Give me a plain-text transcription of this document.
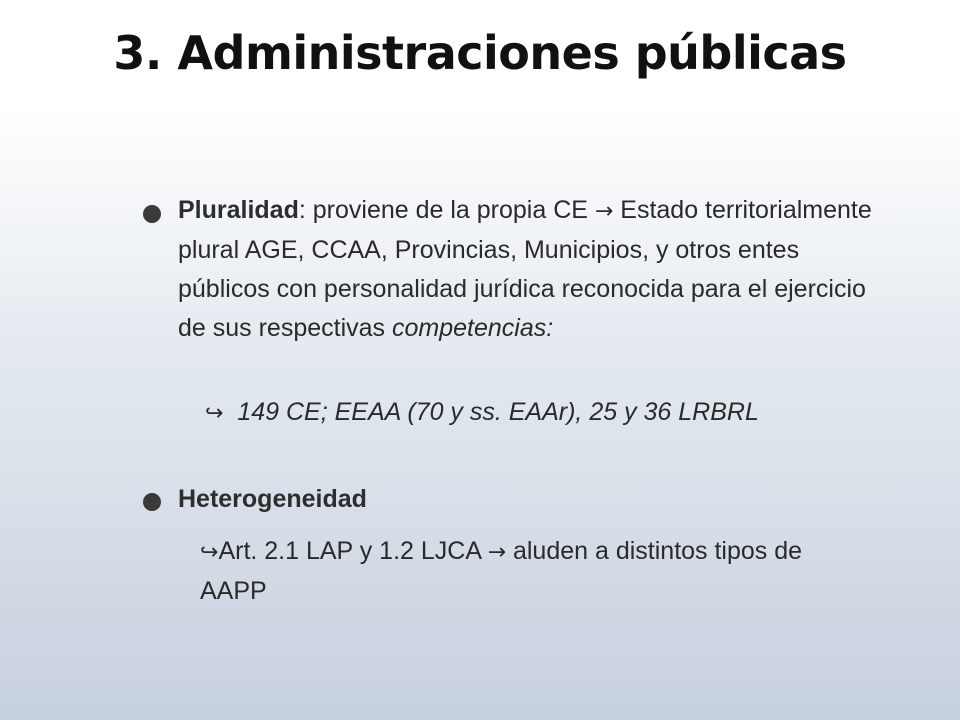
3. Administraciones públicas
Pluralidad: proviene de la propia CE → Estado territorialmente plural AGE, CCAA, Provincias, Municipios, y otros entes públicos con personalidad jurídica reconocida para el ejercicio de sus respectivas competencias:
↪ 149 CE; EEAA (70 y ss. EAAr), 25 y 36 LRBRL
Heterogeneidad
↪Art. 2.1 LAP y 1.2 LJCA → aluden a distintos tipos de AAPP
